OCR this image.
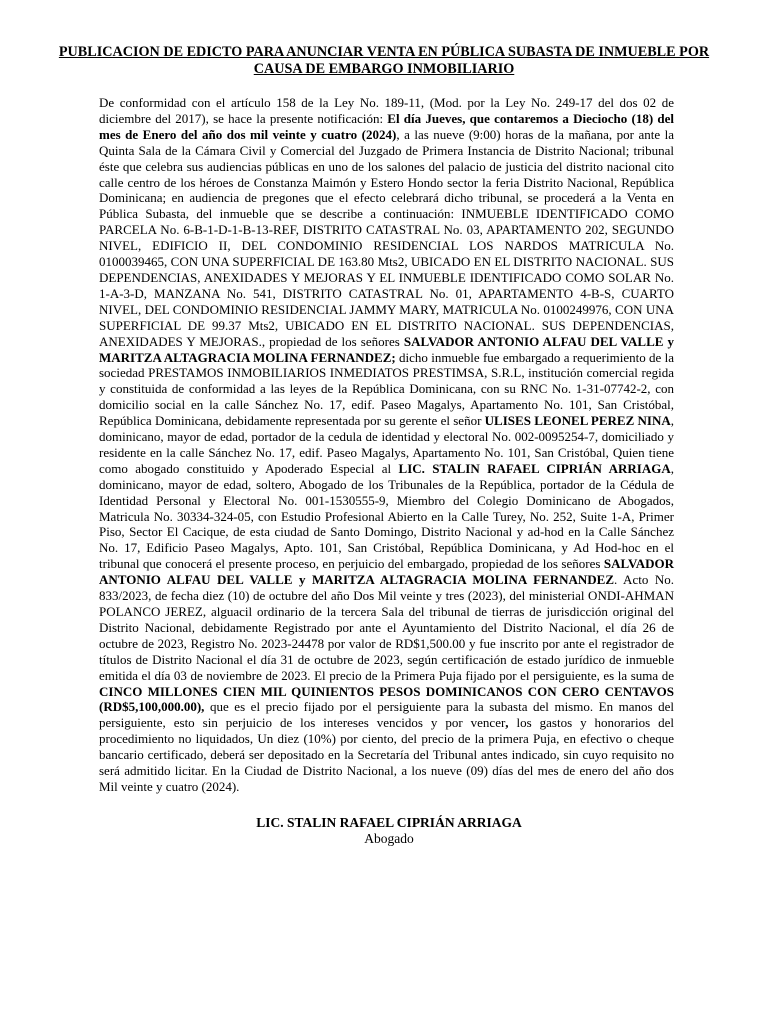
PUBLICACION DE EDICTO PARA ANUNCIAR VENTA EN PÚBLICA SUBASTA DE INMUEBLE POR
CAUSA DE EMBARGO INMOBILIARIO
De conformidad con el artículo 158 de la Ley No. 189-11, (Mod. por la Ley No. 249-17 del dos 02 de diciembre del 2017), se hace la presente notificación: El día Jueves, que contaremos a Dieciocho (18) del mes de Enero del año dos mil veinte y cuatro (2024), a las nueve (9:00) horas de la mañana, por ante la Quinta Sala de la Cámara Civil y Comercial del Juzgado de Primera Instancia de Distrito Nacional; tribunal éste que celebra sus audiencias públicas en uno de los salones del palacio de justicia del distrito nacional cito calle centro de los héroes de Constanza Maimón y Estero Hondo sector la feria Distrito Nacional, República Dominicana; en audiencia de pregones que el efecto celebrará dicho tribunal, se procederá a la Venta en Pública Subasta, del inmueble que se describe a continuación: INMUEBLE IDENTIFICADO COMO PARCELA No. 6-B-1-D-1-B-13-REF, DISTRITO CATASTRAL No. 03, APARTAMENTO 202, SEGUNDO NIVEL, EDIFICIO II, DEL CONDOMINIO RESIDENCIAL LOS NARDOS MATRICULA No. 0100039465, CON UNA SUPERFICIAL DE 163.80 Mts2, UBICADO EN EL DISTRITO NACIONAL. SUS DEPENDENCIAS, ANEXIDADES Y MEJORAS Y EL INMUEBLE IDENTIFICADO COMO SOLAR No. 1-A-3-D, MANZANA No. 541, DISTRITO CATASTRAL No. 01, APARTAMENTO 4-B-S, CUARTO NIVEL, DEL CONDOMINIO RESIDENCIAL JAMMY MARY, MATRICULA No. 0100249976, CON UNA SUPERFICIAL DE 99.37 Mts2, UBICADO EN EL DISTRITO NACIONAL. SUS DEPENDENCIAS, ANEXIDADES Y MEJORAS., propiedad de los señores SALVADOR ANTONIO ALFAU DEL VALLE y MARITZA ALTAGRACIA MOLINA FERNANDEZ; dicho inmueble fue embargado a requerimiento de la sociedad PRESTAMOS INMOBILIARIOS INMEDIATOS PRESTIMSA, S.R.L, institución comercial regida y constituida de conformidad a las leyes de la República Dominicana, con su RNC No. 1-31-07742-2, con domicilio social en la calle Sánchez No. 17, edif. Paseo Magalys, Apartamento No. 101, San Cristóbal, República Dominicana, debidamente representada por su gerente el señor ULISES LEONEL PEREZ NINA, dominicano, mayor de edad, portador de la cedula de identidad y electoral No. 002-0095254-7, domiciliado y residente en la calle Sánchez No. 17, edif. Paseo Magalys, Apartamento No. 101, San Cristóbal, Quien tiene como abogado constituido y Apoderado Especial al LIC. STALIN RAFAEL CIPRIÁN ARRIAGA, dominicano, mayor de edad, soltero, Abogado de los Tribunales de la República, portador de la Cédula de Identidad Personal y Electoral No. 001-1530555-9, Miembro del Colegio Dominicano de Abogados, Matricula No. 30334-324-05, con Estudio Profesional Abierto en la Calle Turey, No. 252, Suite 1-A, Primer Piso, Sector El Cacique, de esta ciudad de Santo Domingo, Distrito Nacional y ad-hod en la Calle Sánchez No. 17, Edificio Paseo Magalys, Apto. 101, San Cristóbal, República Dominicana, y Ad Hod-hoc en el tribunal que conocerá el presente proceso, en perjuicio del embargado, propiedad de los señores SALVADOR ANTONIO ALFAU DEL VALLE y MARITZA ALTAGRACIA MOLINA FERNANDEZ. Acto No. 833/2023, de fecha diez (10) de octubre del año Dos Mil veinte y tres (2023), del ministerial ONDI-AHMAN POLANCO JEREZ, alguacil ordinario de la tercera Sala del tribunal de tierras de jurisdicción original del Distrito Nacional, debidamente Registrado por ante el Ayuntamiento del Distrito Nacional, el día 26 de octubre de 2023, Registro No. 2023-24478 por valor de RD$1,500.00 y fue inscrito por ante el registrador de títulos de Distrito Nacional el día 31 de octubre de 2023, según certificación de estado jurídico de inmueble emitida el día 03 de noviembre de 2023. El precio de la Primera Puja fijado por el persiguiente, es la suma de CINCO MILLONES CIEN MIL QUINIENTOS PESOS DOMINICANOS CON CERO CENTAVOS (RD$5,100,000.00), que es el precio fijado por el persiguiente para la subasta del mismo. En manos del persiguiente, esto sin perjuicio de los intereses vencidos y por vencer, los gastos y honorarios del procedimiento no liquidados, Un diez (10%) por ciento, del precio de la primera Puja, en efectivo o cheque bancario certificado, deberá ser depositado en la Secretaría del Tribunal antes indicado, sin cuyo requisito no será admitido licitar. En la Ciudad de Distrito Nacional, a los nueve (09) días del mes de enero del año dos Mil veinte y cuatro (2024).
LIC. STALIN RAFAEL CIPRIÁN ARRIAGA
Abogado
